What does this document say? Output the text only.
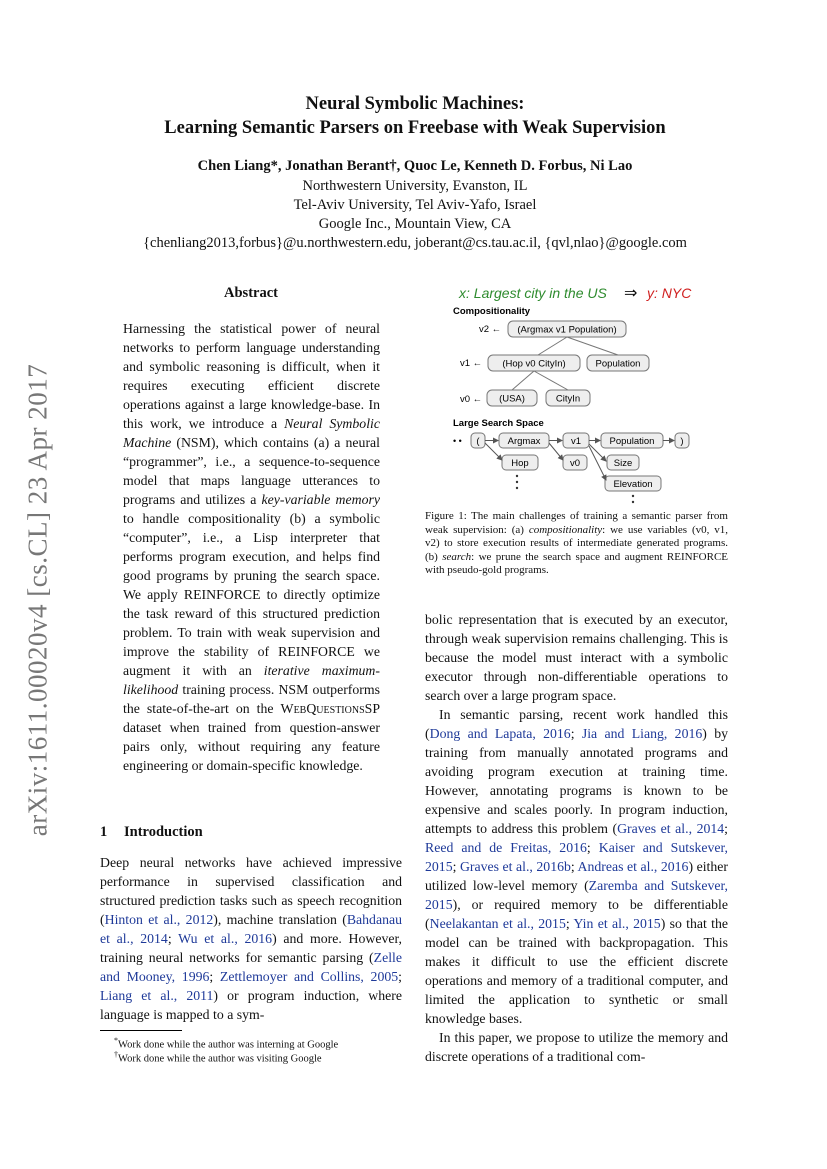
arXiv:1611.00020v4 [cs.CL] 23 Apr 2017
Neural Symbolic Machines:
Learning Semantic Parsers on Freebase with Weak Supervision
Chen Liang*, Jonathan Berant†, Quoc Le, Kenneth D. Forbus, Ni Lao
Northwestern University, Evanston, IL
Tel-Aviv University, Tel Aviv-Yafo, Israel
Google Inc., Mountain View, CA
{chenliang2013,forbus}@u.northwestern.edu, joberant@cs.tau.ac.il, {qvl,nlao}@google.com
Abstract
Harnessing the statistical power of neural networks to perform language understanding and symbolic reasoning is difficult, when it requires executing efficient discrete operations against a large knowledge-base. In this work, we introduce a Neural Symbolic Machine (NSM), which contains (a) a neural “programmer”, i.e., a sequence-to-sequence model that maps language utterances to programs and utilizes a key-variable memory to handle compositionality (b) a symbolic “computer”, i.e., a Lisp interpreter that performs program execution, and helps find good programs by pruning the search space. We apply REINFORCE to directly optimize the task reward of this structured prediction problem. To train with weak supervision and improve the stability of REINFORCE we augment it with an iterative maximum-likelihood training process. NSM outperforms the state-of-the-art on the WebQuestionsSP dataset when trained from question-answer pairs only, without requiring any feature engineering or domain-specific knowledge.
1 Introduction
Deep neural networks have achieved impressive performance in supervised classification and structured prediction tasks such as speech recognition (Hinton et al., 2012), machine translation (Bahdanau et al., 2014; Wu et al., 2016) and more. However, training neural networks for semantic parsing (Zelle and Mooney, 1996; Zettlemoyer and Collins, 2005; Liang et al., 2011) or program induction, where language is mapped to a sym-
*Work done while the author was interning at Google
†Work done while the author was visiting Google
x: Largest city in the US ⇒ y: NYC
Compositionality
v2 ← (Argmax v1 Population)
v1 ← (Hop v0 CityIn)	Population
v0 ← (USA)	CityIn
Large Search Space
• • (	Argmax	v1	Population	)
Hop	v0	Size
Elevation
Figure 1: The main challenges of training a semantic parser from weak supervision: (a) compositionality: we use variables (v0, v1, v2) to store execution results of intermediate generated programs. (b) search: we prune the search space and augment REINFORCE with pseudo-gold programs.

bolic representation that is executed by an executor, through weak supervision remains challenging. This is because the model must interact with a symbolic executor through non-differentiable operations to search over a large program space.

In semantic parsing, recent work handled this (Dong and Lapata, 2016; Jia and Liang, 2016) by training from manually annotated programs and avoiding program execution at training time. However, annotating programs is known to be expensive and scales poorly. In program induction, attempts to address this problem (Graves et al., 2014; Reed and de Freitas, 2016; Kaiser and Sutskever, 2015; Graves et al., 2016b; Andreas et al., 2016) either utilized low-level memory (Zaremba and Sutskever, 2015), or required memory to be differentiable (Neelakantan et al., 2015; Yin et al., 2015) so that the model can be trained with backpropagation. This makes it difficult to use the efficient discrete operations and memory of a traditional computer, and limited the application to synthetic or small knowledge bases.

In this paper, we propose to utilize the memory and discrete operations of a traditional com-
